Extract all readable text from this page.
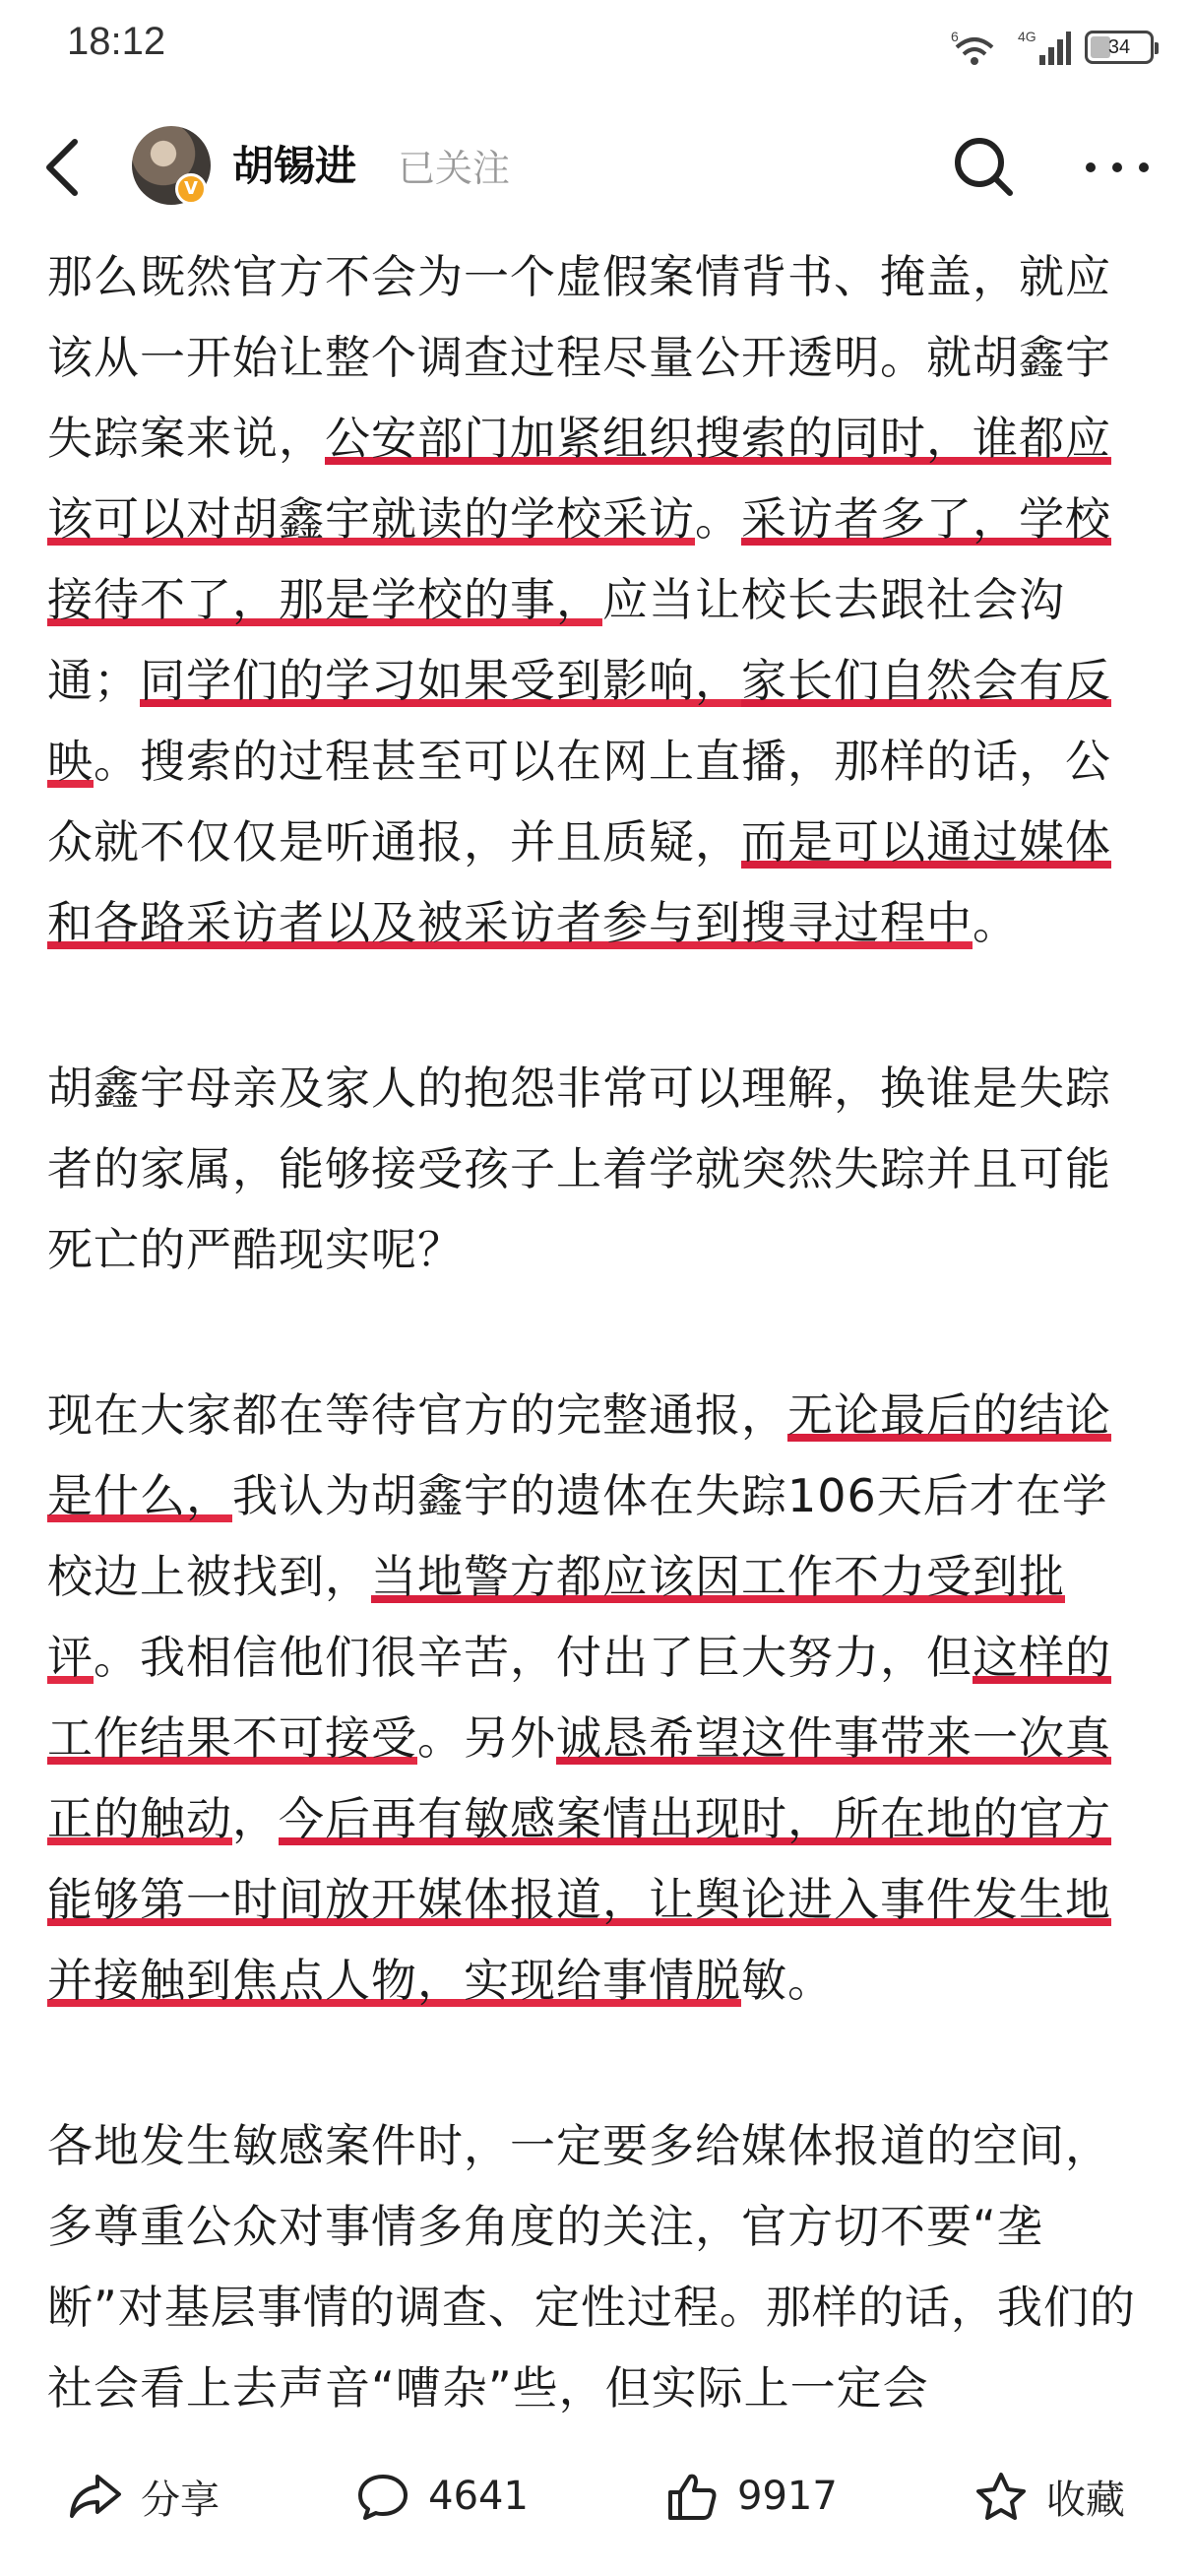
18:12	6	4G	34
V 胡锡进 已关注

那么既然官方不会为一个虚假案情背书、掩盖，就应该从一开始让整个调查过程尽量公开透明。就胡鑫宇失踪案来说，公安部门加紧组织搜索的同时，谁都应该可以对胡鑫宇就读的学校采访。采访者多了，学校接待不了，那是学校的事，应当让校长去跟社会沟通；同学们的学习如果受到影响，家长们自然会有反映。搜索的过程甚至可以在网上直播，那样的话，公众就不仅仅是听通报，并且质疑，而是可以通过媒体和各路采访者以及被采访者参与到搜寻过程中。

胡鑫宇母亲及家人的抱怨非常可以理解，换谁是失踪者的家属，能够接受孩子上着学就突然失踪并且可能死亡的严酷现实呢？

现在大家都在等待官方的完整通报，无论最后的结论是什么，我认为胡鑫宇的遗体在失踪106天后才在学校边上被找到，当地警方都应该因工作不力受到批评。我相信他们很辛苦，付出了巨大努力，但这样的工作结果不可接受。另外诚恳希望这件事带来一次真正的触动，今后再有敏感案情出现时，所在地的官方能够第一时间放开媒体报道，让舆论进入事件发生地并接触到焦点人物，实现给事情脱敏。

各地发生敏感案件时，一定要多给媒体报道的空间，多尊重公众对事情多角度的关注，官方切不要“垄断”对基层事情的调查、定性过程。那样的话，我们的社会看上去声音“嘈杂”些，但实际上一定会

分享	4641	9917	收藏
